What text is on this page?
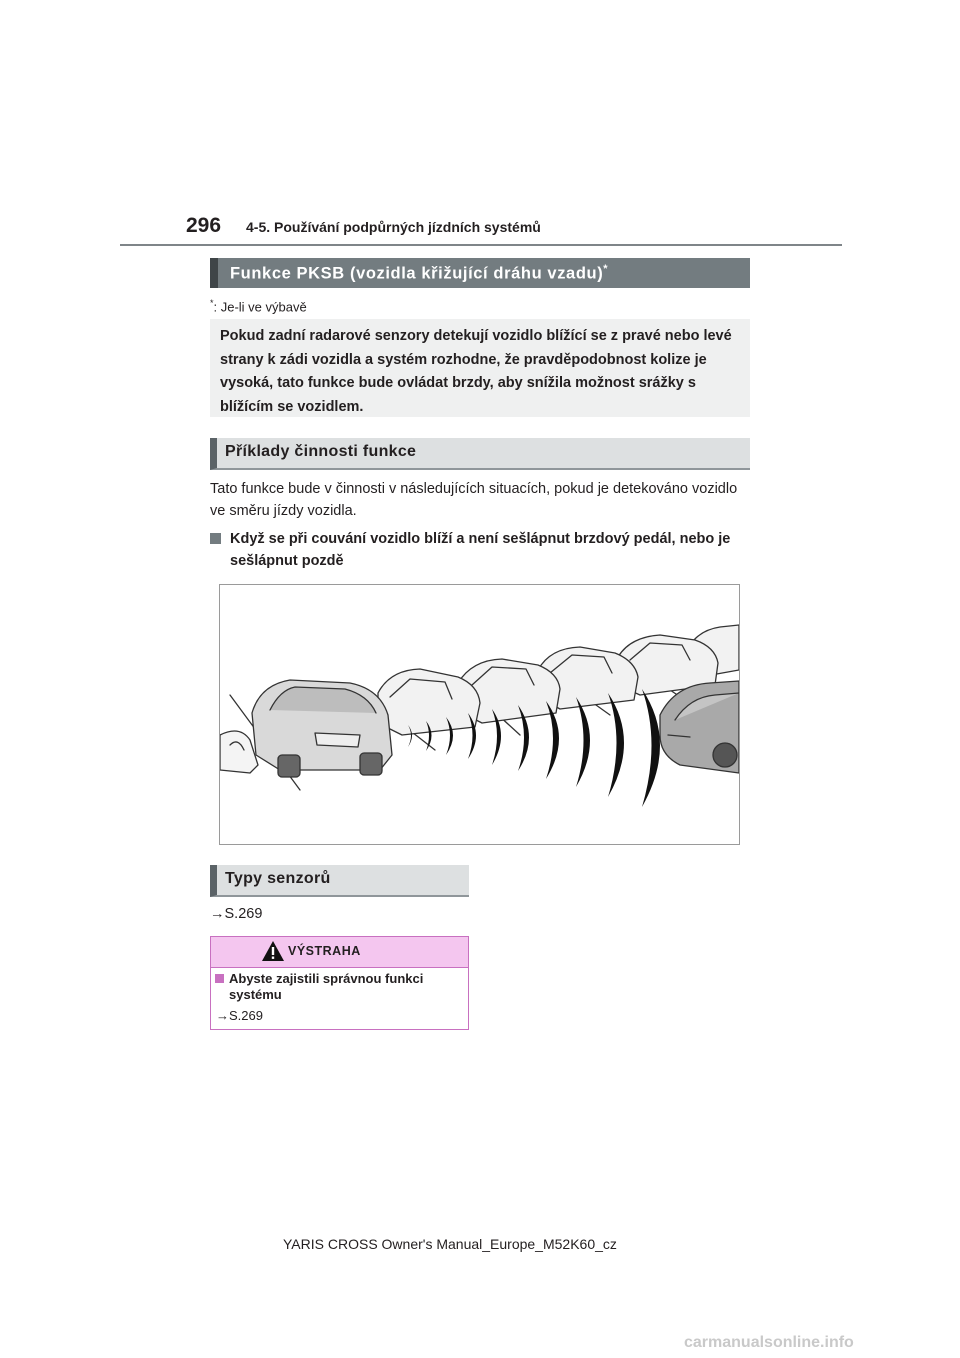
296 4-5. Používání podpůrných jízdních systémů
Funkce PKSB (vozidla křižující dráhu vzadu)*
*: Je-li ve výbavě
Pokud zadní radarové senzory detekují vozidlo blížící se z pravé nebo levé strany k zádi vozidla a systém rozhodne, že pravděpodobnost kolize je vysoká, tato funkce bude ovládat brzdy, aby snížila možnost srážky s blížícím se vozidlem.
Příklady činnosti funkce
Tato funkce bude v činnosti v následujících situacích, pokud je detekováno vozidlo ve směru jízdy vozidla.
Když se při couvání vozidlo blíží a není sešlápnut brzdový pedál, nebo je sešlápnut pozdě
Typy senzorů
→S.269
VÝSTRAHA
Abyste zajistili správnou funkci systému
→S.269
YARIS CROSS Owner's Manual_Europe_M52K60_cz
carmanualsonline.info
